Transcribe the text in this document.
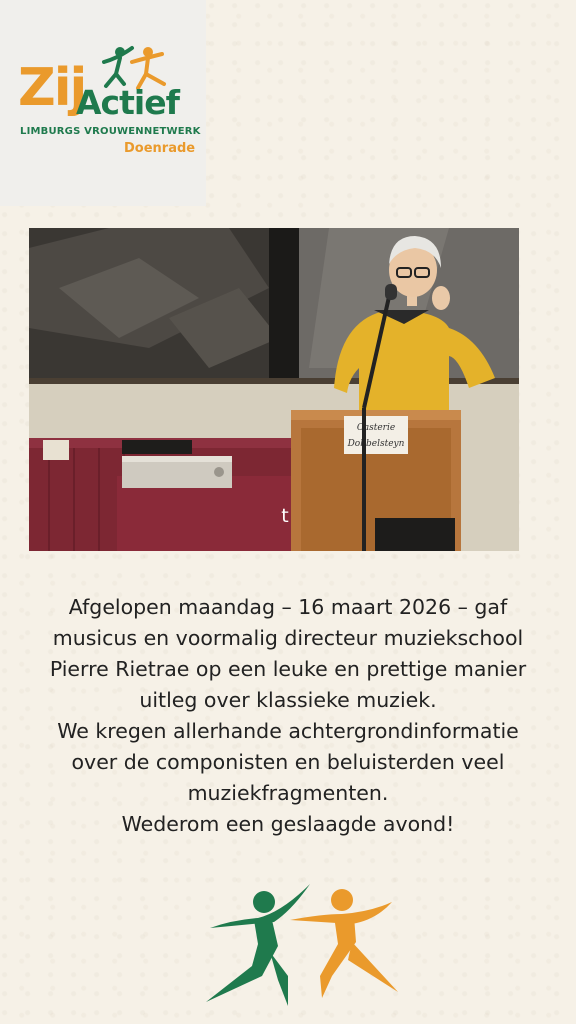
Zij
Actief
LIMBURGS VROUWENNETWERK
Doenrade
Casterie
Dobbelsteyn
t
Afgelopen maandag – 16 maart 2026 – gaf
musicus en voormalig directeur muziekschool
Pierre Rietrae op een leuke en prettige manier
uitleg over klassieke muziek.
We kregen allerhande achtergrondinformatie
over de componisten en beluisterden veel
muziekfragmenten.
Wederom een geslaagde avond!
